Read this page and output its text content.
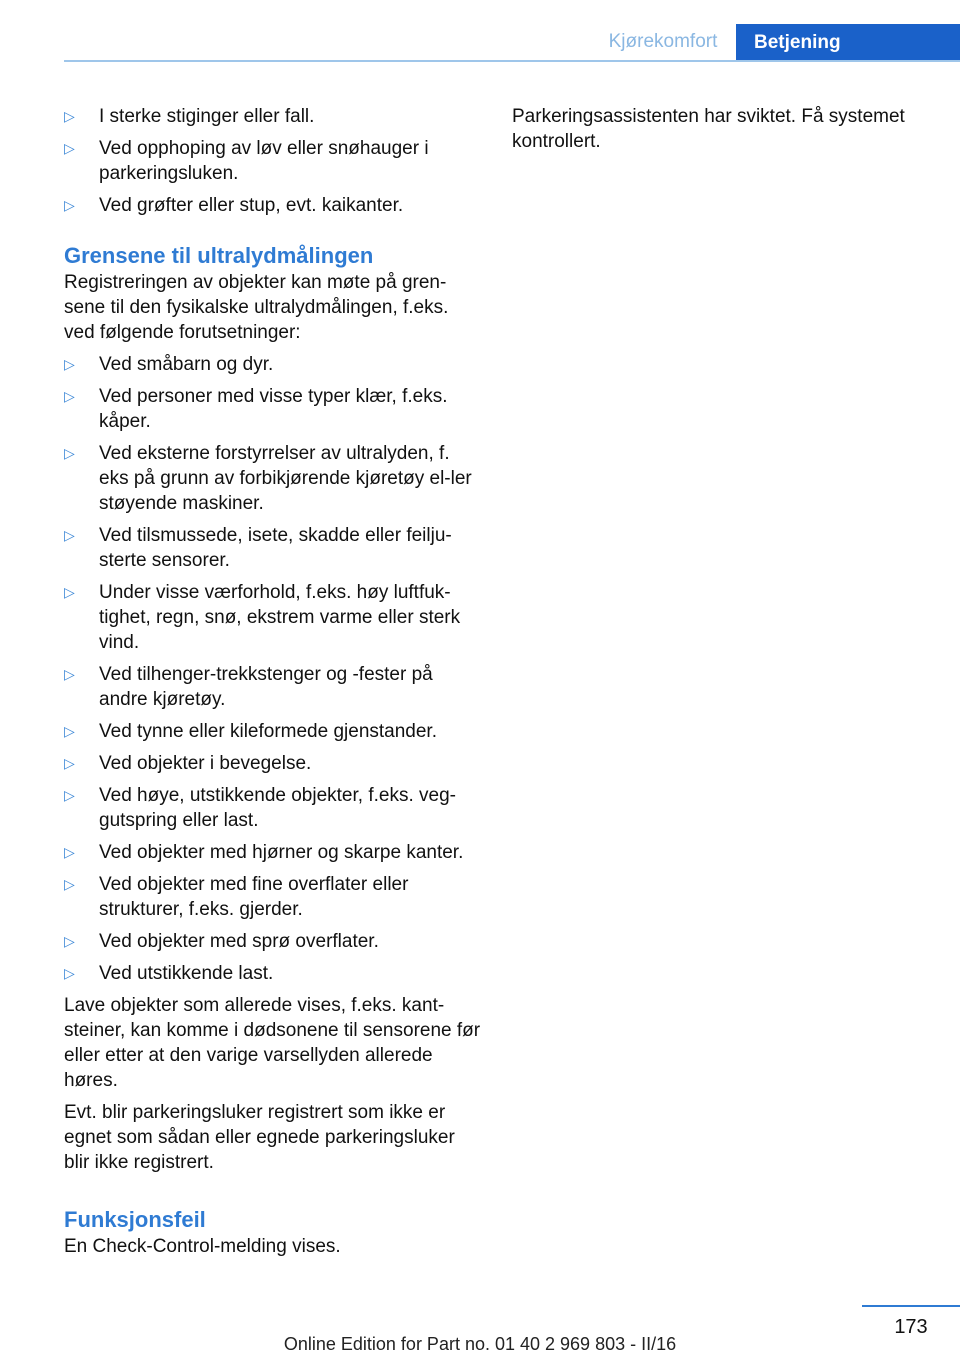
Kjørekomfort	Betjening
▷ I sterke stiginger eller fall.
▷ Ved opphoping av løv eller snøhauger i parkeringsluken.
▷ Ved grøfter eller stup, evt. kaikanter.
Grensene til ultralydmålingen

Registreringen av objekter kan møte på gren-sene til den fysikalske ultralydmålingen, f.eks. ved følgende forutsetninger:

▷ Ved småbarn og dyr.
▷ Ved personer med visse typer klær, f.eks. kåper.
▷ Ved eksterne forstyrrelser av ultralyden, f. eks på grunn av forbikjørende kjøretøy el-ler støyende maskiner.
▷ Ved tilsmussede, isete, skadde eller feilju-sterte sensorer.
▷ Under visse værforhold, f.eks. høy luftfuk-tighet, regn, snø, ekstrem varme eller sterk vind.
▷ Ved tilhenger-trekkstenger og -fester på andre kjøretøy.
▷ Ved tynne eller kileformede gjenstander.
▷ Ved objekter i bevegelse.
▷ Ved høye, utstikkende objekter, f.eks. veg-gutspring eller last.
▷ Ved objekter med hjørner og skarpe kanter.
▷ Ved objekter med fine overflater eller strukturer, f.eks. gjerder.
▷ Ved objekter med sprø overflater.
▷ Ved utstikkende last.

Lave objekter som allerede vises, f.eks. kant-steiner, kan komme i dødsonene til sensorene før eller etter at den varige varsellyden allerede høres.

Evt. blir parkeringsluker registrert som ikke er egnet som sådan eller egnede parkeringsluker blir ikke registrert.

Funksjonsfeil

En Check-Control-melding vises.

Parkeringsassistenten har sviktet. Få systemet kontrollert.

173
Online Edition for Part no. 01 40 2 969 803 - II/16
